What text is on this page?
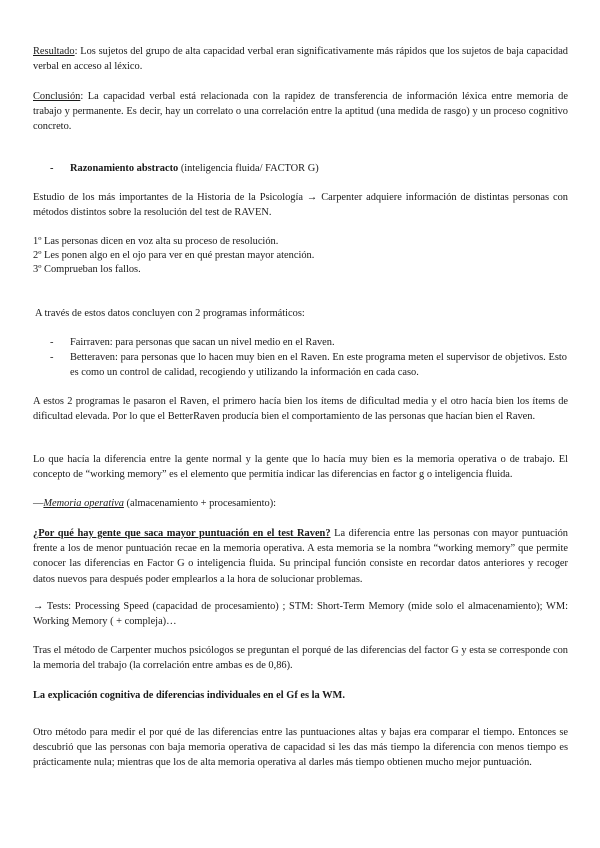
Resultado: Los sujetos del grupo de alta capacidad verbal eran significativamente más rápidos que los sujetos de baja capacidad verbal en acceso al léxico.

Conclusión: La capacidad verbal está relacionada con la rapidez de transferencia de información léxica entre memoria de trabajo y permanente. Es decir, hay un correlato o una correlación entre la aptitud (una medida de rasgo) y un proceso cognitivo concreto.

- Razonamiento abstracto (inteligencia fluida/ FACTOR G)

Estudio de los más importantes de la Historia de la Psicología → Carpenter adquiere información de distintas personas con métodos distintos sobre la resolución del test de RAVEN.

1º Las personas dicen en voz alta su proceso de resolución.

2º Les ponen algo en el ojo para ver en qué prestan mayor atención.

3º Comprueban los fallos.

A través de estos datos concluyen con 2 programas informáticos:

- Fairraven: para personas que sacan un nivel medio en el Raven.

- Betteraven: para personas que lo hacen muy bien en el Raven. En este programa meten el supervisor de objetivos. Esto es como un control de calidad, recogiendo y utilizando la información en cada caso.

A estos 2 programas le pasaron el Raven, el primero hacía bien los ítems de dificultad media y el otro hacía bien los ítems de dificultad elevada. Por lo que el BetterRaven producía bien el comportamiento de las personas que hacían bien el Raven.

Lo que hacía la diferencia entre la gente normal y la gente que lo hacía muy bien es la memoria operativa o de trabajo. El concepto de “working memory” es el elemento que permitía indicar las diferencias en factor g o inteligencia fluida.

—Memoria operativa (almacenamiento + procesamiento):

¿Por qué hay gente que saca mayor puntuación en el test Raven? La diferencia entre las personas con mayor puntuación frente a los de menor puntuación recae en la memoria operativa. A esta memoria se la nombra “working memory” que permite conocer las diferencias en Factor G o inteligencia fluida. Su principal función consiste en recordar datos anteriores y recoger datos nuevos para después poder emplearlos a la hora de solucionar problemas.

→ Tests: Processing Speed (capacidad de procesamiento) ; STM: Short-Term Memory (mide solo el almacenamiento); WM: Working Memory ( + compleja)…

Tras el método de Carpenter muchos psicólogos se preguntan el porqué de las diferencias del factor G y esta se corresponde con la memoria del trabajo (la correlación entre ambas es de 0,86).

La explicación cognitiva de diferencias individuales en el Gf es la WM.

Otro método para medir el por qué de las diferencias entre las puntuaciones altas y bajas era comparar el tiempo. Entonces se descubrió que las personas con baja memoria operativa de capacidad si les das más tiempo la diferencia con menos tiempo es prácticamente nula; mientras que los de alta memoria operativa al darles más tiempo obtienen mucho mejor puntuación.
